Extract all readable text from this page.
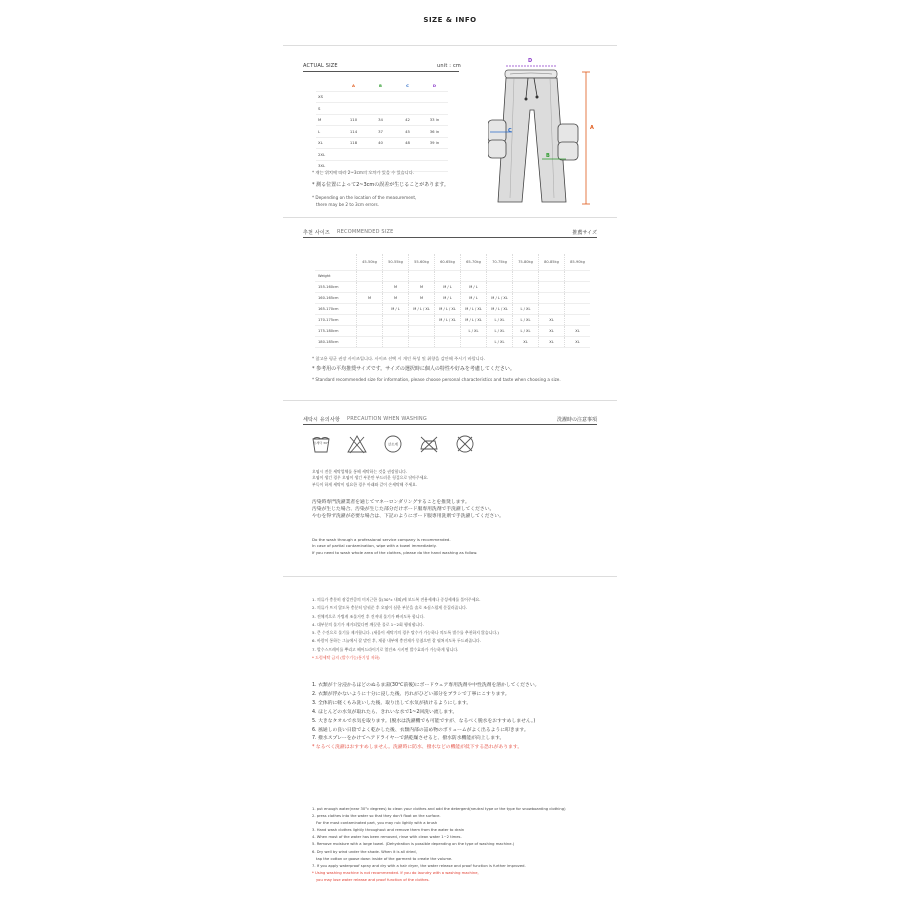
SIZE & INFO
ACTUAL SIZE	unit : cm
	A	B	C	D
XS				
S				
M	110	34	42	33 in
L	114	37	45	36 in
XL	118	40	48	39 in
2XL				
3XL				
* 재는 위치에 따라 2~3cm의 오차가 있을 수 있습니다.
* 測る位置によって2~3cmの誤差が生じることがあります。
* Depending on the location of the measurement,
there may be 2 to 3cm errors.
D
C
B
A
추천 사이즈 RECOMMENDED SIZE	推薦サイズ
	45-50kg	50-55kg	55-60kg	60-65kg	65-70kg	70-75kg	75-80kg	80-85kg	85-90kg
Weight									
155-160cm		M	M	M / L	M / L				
160-165cm	M	M	M	M / L	M / L	M / L / XL			
165-170cm		M / L	M / L / XL	M / L / XL	M / L / XL	M / L / XL	L / XL		
170-175cm				M / L / XL	M / L / XL	L / XL	L / XL	XL	
175-180cm					L / XL	L / XL	L / XL	XL	XL
180-185cm						L / XL	XL	XL	XL
* 참고용 평균 권장 사이즈입니다. 사이즈 선택 시 개인 특성 및 취향을 감안해 주시기 바랍니다.
* 参考用の平均推奨サイズです。サイズの選択時に個人の特性や好みを考慮してください。
* Standard recommended size for information, please choose personal characteristics and taste when choosing a size.
세탁시 유의사항 PRECAUTION WHEN WASHING	洗濯時の注意事項
손세탁 30°	산소계
오염시 전문 세탁업체를 통해 세탁하는 것을 권장합니다.
오염이 생긴 경우 오염이 생긴 부분만 부드러운 헝겊으로 닦아주세요.
부득이 하게 세탁이 필요한 경우 아래와 같이 손세탁해 주세요.
汚染時専門洗濯業者を通じてマネーロンダリングすることを推奨します。
汚染が生じた場合、汚染が生じた部分だけボード服専用洗剤で手洗濯してください。
やむを得ず洗濯が必要な場合は、下記のようにボード服専用洗剤で手洗濯してください。
Do the wash through a professional service company is recommended.
In case of partial contamination, wipe with a towel immediately.
If you need to wash whole area of the clothes, please do the hand washing as follow.
1. 의류가 충분히 잠길만큼의 미지근한 물(30°c 내외)에 보드복 전용세제나 중성세제를 풀어주세요.
2. 의류가 뜨지 않도록 충분히 담궈준 후 오염이 심한 부분을 솔로 조심스럽게 문질러줍니다.
3. 전체적으로 가볍게 조물거린 후 건져내 물기가 빠지도록 합니다.
4. 대부분의 물기가 제거되었다면 깨끗한 물로 1~2회 헹궈냅니다.
5. 큰 수건으로 물기를 제거합니다. (새음이 세탁기의 경우 탈수가 가능하나 의도특 별수를 추천하지 않습니다.)
6. 바람이 통하는 그늘에서 잘 말린 후, 제품 내부에 충전재가 뭉쳤으면 잘 펼쳐지도록 두드려줍니다.
7. 발수스프레이를 뿌리고 헤어드라이기로 열건조 시키면 발수효과가 가능하게 됩니다.
* 드럼세탁 금지 (발수기능/통기성 저하)
1. 衣類が十分浸かるほどのぬるま湯(30℃前後)にボードウェア専用洗剤や中性洗剤を溶かしてください。
2. 衣類が浮かないように十分に浸した後、汚れがひどい部分をブラシで丁寧にこすります。
3. 全体的に軽くもみ洗いした後、取り出して水気が抜けるようにします。
4. ほとんどの水気が取れたら、きれいな水で1~2回洗い流します。
5. 大きなタオルで水気を取ります。(脱水は洗濯機でも可能ですが、なるべく脱水をおすすめしません。)
6. 風通しの良い日陰でよく乾かした後、衣類内部の詰め物のボリュームがよく出るように叩きます。
7. 撥水スプレーをかけてヘアドライヤーで熱乾燥させると、撥水防水機能が向上します。
* なるべく洗濯はおすすめしません。洗濯時に防水、撥水などの機能が低下する恐れがあります。
1. put enough water(near 30°c degrees) to clean your clothes and add the detergent(neutral type or the type for snowboarding clothing)
2. press clothes into the water so that they don't float on the surface.
For the most contaminated part, you may rub lightly with a brush
3. Hand wash clothes lightly throughout and remove them from the water to drain
4. When most of the water has been removed, rinse with clean water 1~2 times.
5. Remove moisture with a large towel. (Dehydration is possible depending on the type of washing machine.)
6. Dry well by wind under the shade. When it is all dried,
tap the cotton or goose down inside of the garment to create the volume.
7. If you apply waterproof spray and dry with a hair dryer, the water release and proof function is further improved.
* Using washing machine is not recommended. If you do laundry with a washing machine,
you may lose water release and proof function of the clothes.
